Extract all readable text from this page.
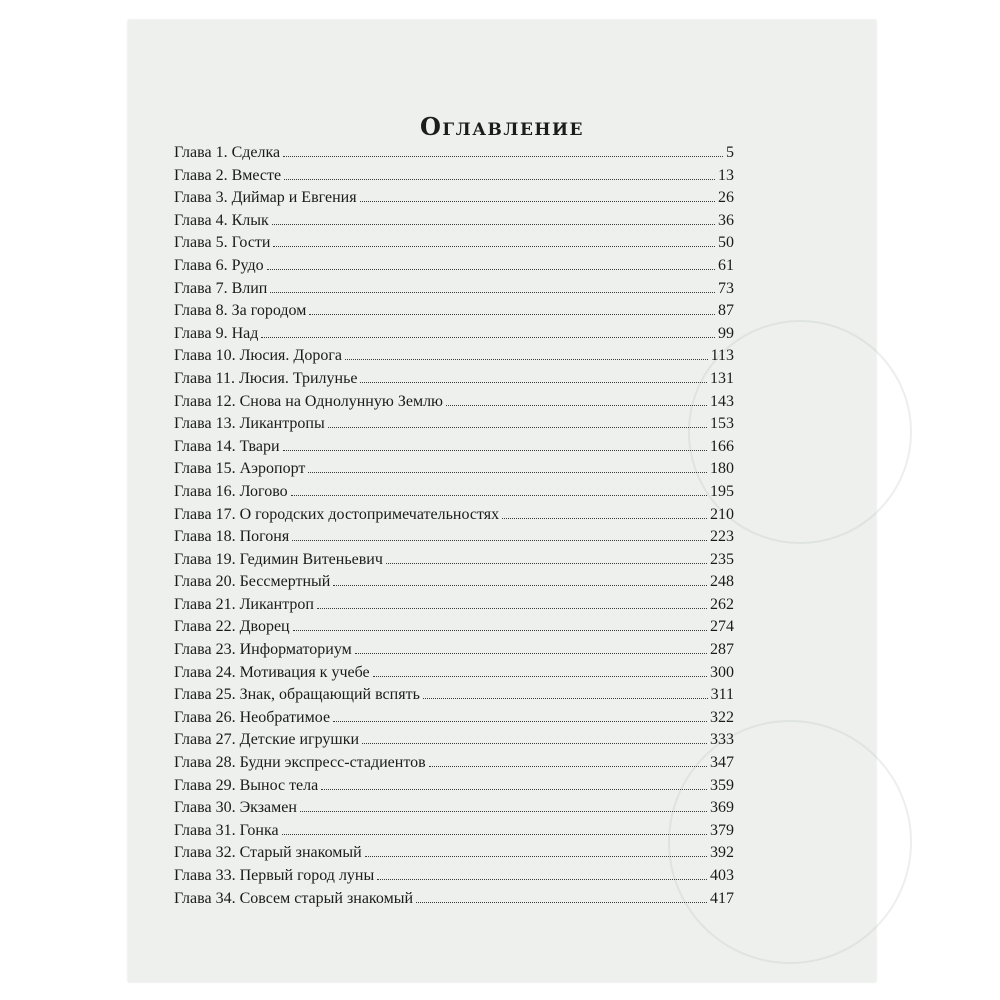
Оглавление
Глава 1. Сделка	5
Глава 2. Вместе	13
Глава 3. Диймар и Евгения	26
Глава 4. Клык	36
Глава 5. Гости	50
Глава 6. Рудо	61
Глава 7. Влип	73
Глава 8. За городом	87
Глава 9. Над	99
Глава 10. Люсия. Дорога	113
Глава 11. Люсия. Трилунье	131
Глава 12. Снова на Однолунную Землю	143
Глава 13. Ликантропы	153
Глава 14. Твари	166
Глава 15. Аэропорт	180
Глава 16. Логово	195
Глава 17. О городских достопримечательностях	210
Глава 18. Погоня	223
Глава 19. Гедимин Витеньевич	235
Глава 20. Бессмертный	248
Глава 21. Ликантроп	262
Глава 22. Дворец	274
Глава 23. Информаториум	287
Глава 24. Мотивация к учебе	300
Глава 25. Знак, обращающий вспять	311
Глава 26. Необратимое	322
Глава 27. Детские игрушки	333
Глава 28. Будни экспресс-стадиентов	347
Глава 29. Вынос тела	359
Глава 30. Экзамен	369
Глава 31. Гонка	379
Глава 32. Старый знакомый	392
Глава 33. Первый город луны	403
Глава 34. Совсем старый знакомый	417
